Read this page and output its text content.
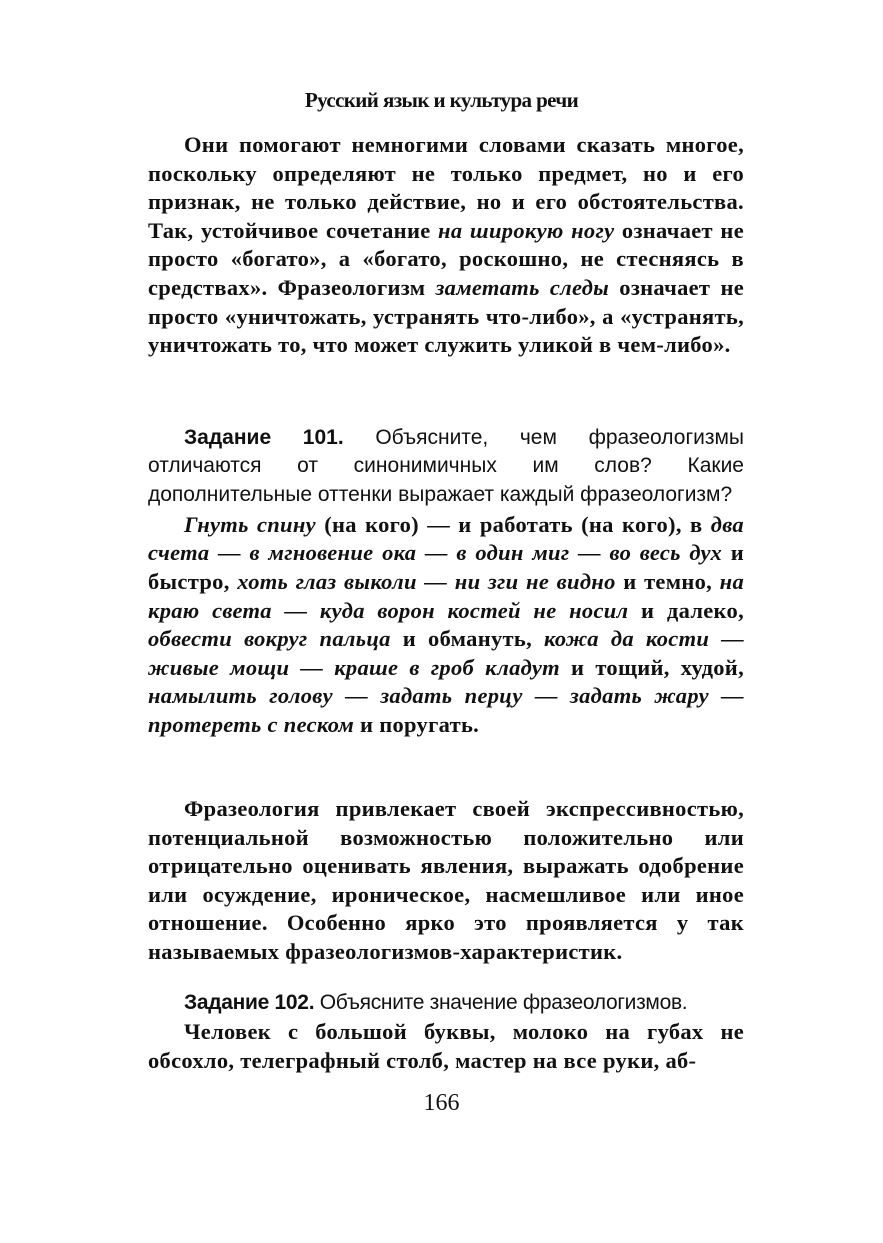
Русский язык и культура речи

Они помогают немногими словами сказать многое, поскольку определяют не только предмет, но и его признак, не только действие, но и его обстоятельства. Так, устойчивое сочетание на широкую ногу означает не просто «богато», а «богато, роскошно, не стесняясь в средствах». Фразеологизм заметать следы означает не просто «уничтожать, устранять что-либо», а «устранять, уничтожать то, что может служить уликой в чем-либо».

Задание 101. Объясните, чем фразеологизмы отличаются от синонимичных им слов? Какие дополнительные оттенки выражает каждый фразеологизм?

Гнуть спину (на кого) — и работать (на кого), в два счета — в мгновение ока — в один миг — во весь дух и быстро, хоть глаз выколи — ни зги не видно и темно, на краю света — куда ворон костей не носил и далеко, обвести вокруг пальца и обмануть, кожа да кости — живые мощи — краше в гроб кладут и тощий, худой, намылить голову — задать перцу — задать жару — протереть с песком и поругать.

Фразеология привлекает своей экспрессивностью, потенциальной возможностью положительно или отрицательно оценивать явления, выражать одобрение или осуждение, ироническое, насмешливое или иное отношение. Особенно ярко это проявляется у так называемых фразеологизмов-характеристик.

Задание 102. Объясните значение фразеологизмов.

Человек с большой буквы, молоко на губах не обсохло, телеграфный столб, мастер на все руки, аб-

166
